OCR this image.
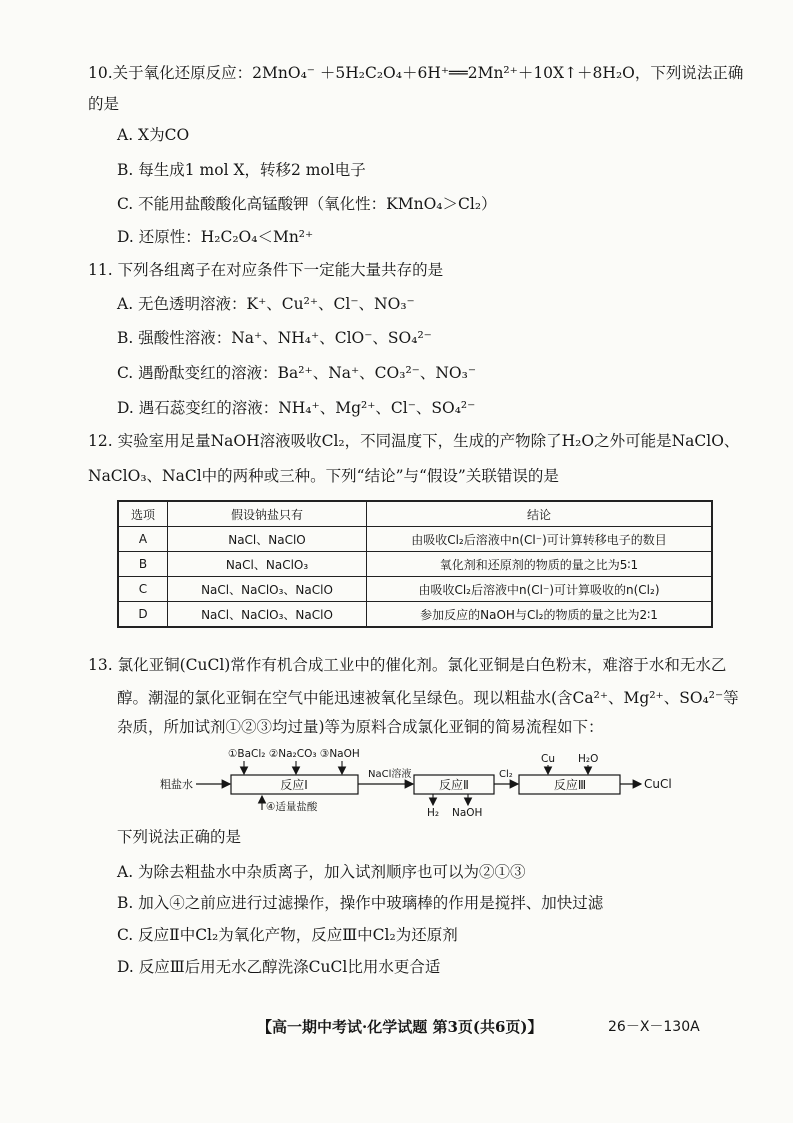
10.关于氧化还原反应：2MnO₄⁻ ＋5H₂C₂O₄＋6H⁺══2Mn²⁺＋10X↑＋8H₂O，下列说法正确
的是
A. X为CO
B. 每生成1 mol X，转移2 mol电子
C. 不能用盐酸酸化高锰酸钾（氧化性：KMnO₄＞Cl₂）
D. 还原性：H₂C₂O₄＜Mn²⁺
11. 下列各组离子在对应条件下一定能大量共存的是
A. 无色透明溶液：K⁺、Cu²⁺、Cl⁻、NO₃⁻
B. 强酸性溶液：Na⁺、NH₄⁺、ClO⁻、SO₄²⁻
C. 遇酚酞变红的溶液：Ba²⁺、Na⁺、CO₃²⁻、NO₃⁻
D. 遇石蕊变红的溶液：NH₄⁺、Mg²⁺、Cl⁻、SO₄²⁻
12. 实验室用足量NaOH溶液吸收Cl₂，不同温度下，生成的产物除了H₂O之外可能是NaClO、
NaClO₃、NaCl中的两种或三种。下列“结论”与“假设”关联错误的是
选项	假设钠盐只有	结论
A	NaCl、NaClO	由吸收Cl₂后溶液中n(Cl⁻)可计算转移电子的数目
B	NaCl、NaClO₃	氧化剂和还原剂的物质的量之比为5∶1
C	NaCl、NaClO₃、NaClO	由吸收Cl₂后溶液中n(Cl⁻)可计算吸收的n(Cl₂)
D	NaCl、NaClO₃、NaClO	参加反应的NaOH与Cl₂的物质的量之比为2∶1
13. 氯化亚铜(CuCl)常作有机合成工业中的催化剂。氯化亚铜是白色粉末，难溶于水和无水乙
醇。潮湿的氯化亚铜在空气中能迅速被氧化呈绿色。现以粗盐水(含Ca²⁺、Mg²⁺、SO₄²⁻等
杂质，所加试剂①②③均过量)等为原料合成氯化亚铜的简易流程如下：
粗盐水
①BaCl₂ ②Na₂CO₃ ③NaOH
反应Ⅰ
④适量盐酸
NaCl溶液
反应Ⅱ
H₂ NaOH
Cl₂
Cu H₂O
反应Ⅲ	CuCl
下列说法正确的是
A. 为除去粗盐水中杂质离子，加入试剂顺序也可以为②①③
B. 加入④之前应进行过滤操作，操作中玻璃棒的作用是搅拌、加快过滤
C. 反应Ⅱ中Cl₂为氧化产物，反应Ⅲ中Cl₂为还原剂
D. 反应Ⅲ后用无水乙醇洗涤CuCl比用水更合适
【高一期中考试·化学试题 第3页(共6页)】	26－X－130A
